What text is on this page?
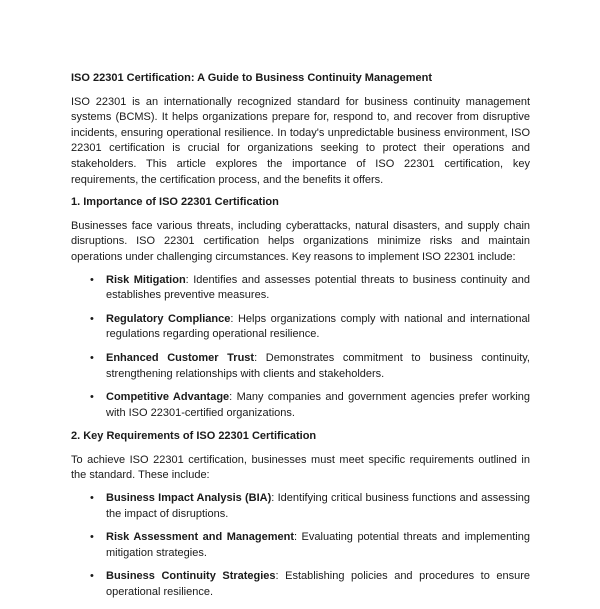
ISO 22301 Certification: A Guide to Business Continuity Management

ISO 22301 is an internationally recognized standard for business continuity management systems (BCMS). It helps organizations prepare for, respond to, and recover from disruptive incidents, ensuring operational resilience. In today's unpredictable business environment, ISO 22301 certification is crucial for organizations seeking to protect their operations and stakeholders. This article explores the importance of ISO 22301 certification, key requirements, the certification process, and the benefits it offers.

1. Importance of ISO 22301 Certification

Businesses face various threats, including cyberattacks, natural disasters, and supply chain disruptions. ISO 22301 certification helps organizations minimize risks and maintain operations under challenging circumstances. Key reasons to implement ISO 22301 include:

• Risk Mitigation: Identifies and assesses potential threats to business continuity and establishes preventive measures.
• Regulatory Compliance: Helps organizations comply with national and international regulations regarding operational resilience.
• Enhanced Customer Trust: Demonstrates commitment to business continuity, strengthening relationships with clients and stakeholders.
• Competitive Advantage: Many companies and government agencies prefer working with ISO 22301-certified organizations.

2. Key Requirements of ISO 22301 Certification

To achieve ISO 22301 certification, businesses must meet specific requirements outlined in the standard. These include:

• Business Impact Analysis (BIA): Identifying critical business functions and assessing the impact of disruptions.
• Risk Assessment and Management: Evaluating potential threats and implementing mitigation strategies.
• Business Continuity Strategies: Establishing policies and procedures to ensure operational resilience.
